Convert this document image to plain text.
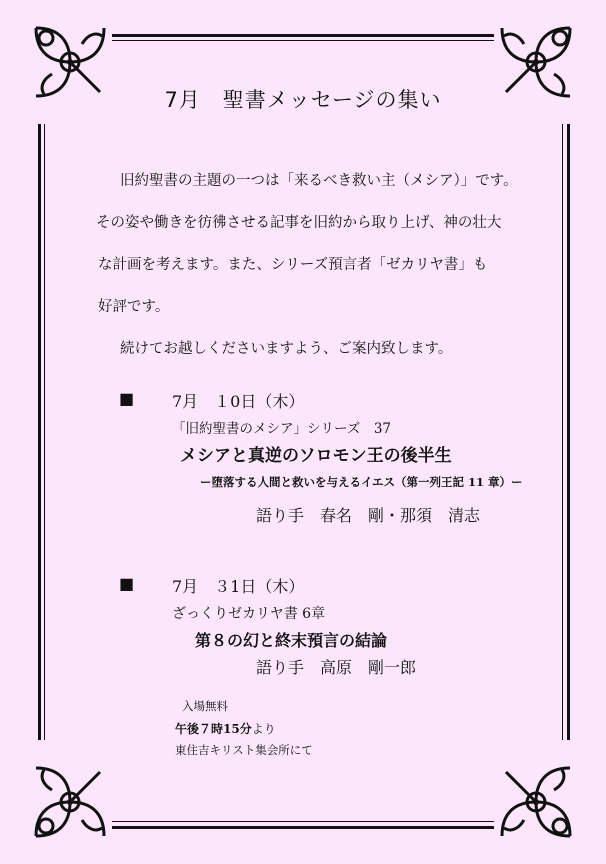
7月　聖書メッセージの集い
旧約聖書の主題の一つは「来るべき救い主（メシア）」です。
その姿や働きを彷彿させる記事を旧約から取り上げ、神の壮大
な計画を考えます。また、シリーズ預言者「ゼカリヤ書」も
好評です。
続けてお越しくださいますよう、ご案内致します。
■ 7月　１0日（木）
「旧約聖書のメシア」シリーズ　37
メシアと真逆のソロモン王の後半生
ー堕落する人間と救いを与えるイエス（第一列王記 11 章）ー
語り手　春名　剛・那須　清志
■ 7月　３1日（木）
ざっくりゼカリヤ書 6章
第８の幻と終末預言の結論
語り手　高原　剛一郎
入場無料
午後７時15分より
東住吉キリスト集会所にて
